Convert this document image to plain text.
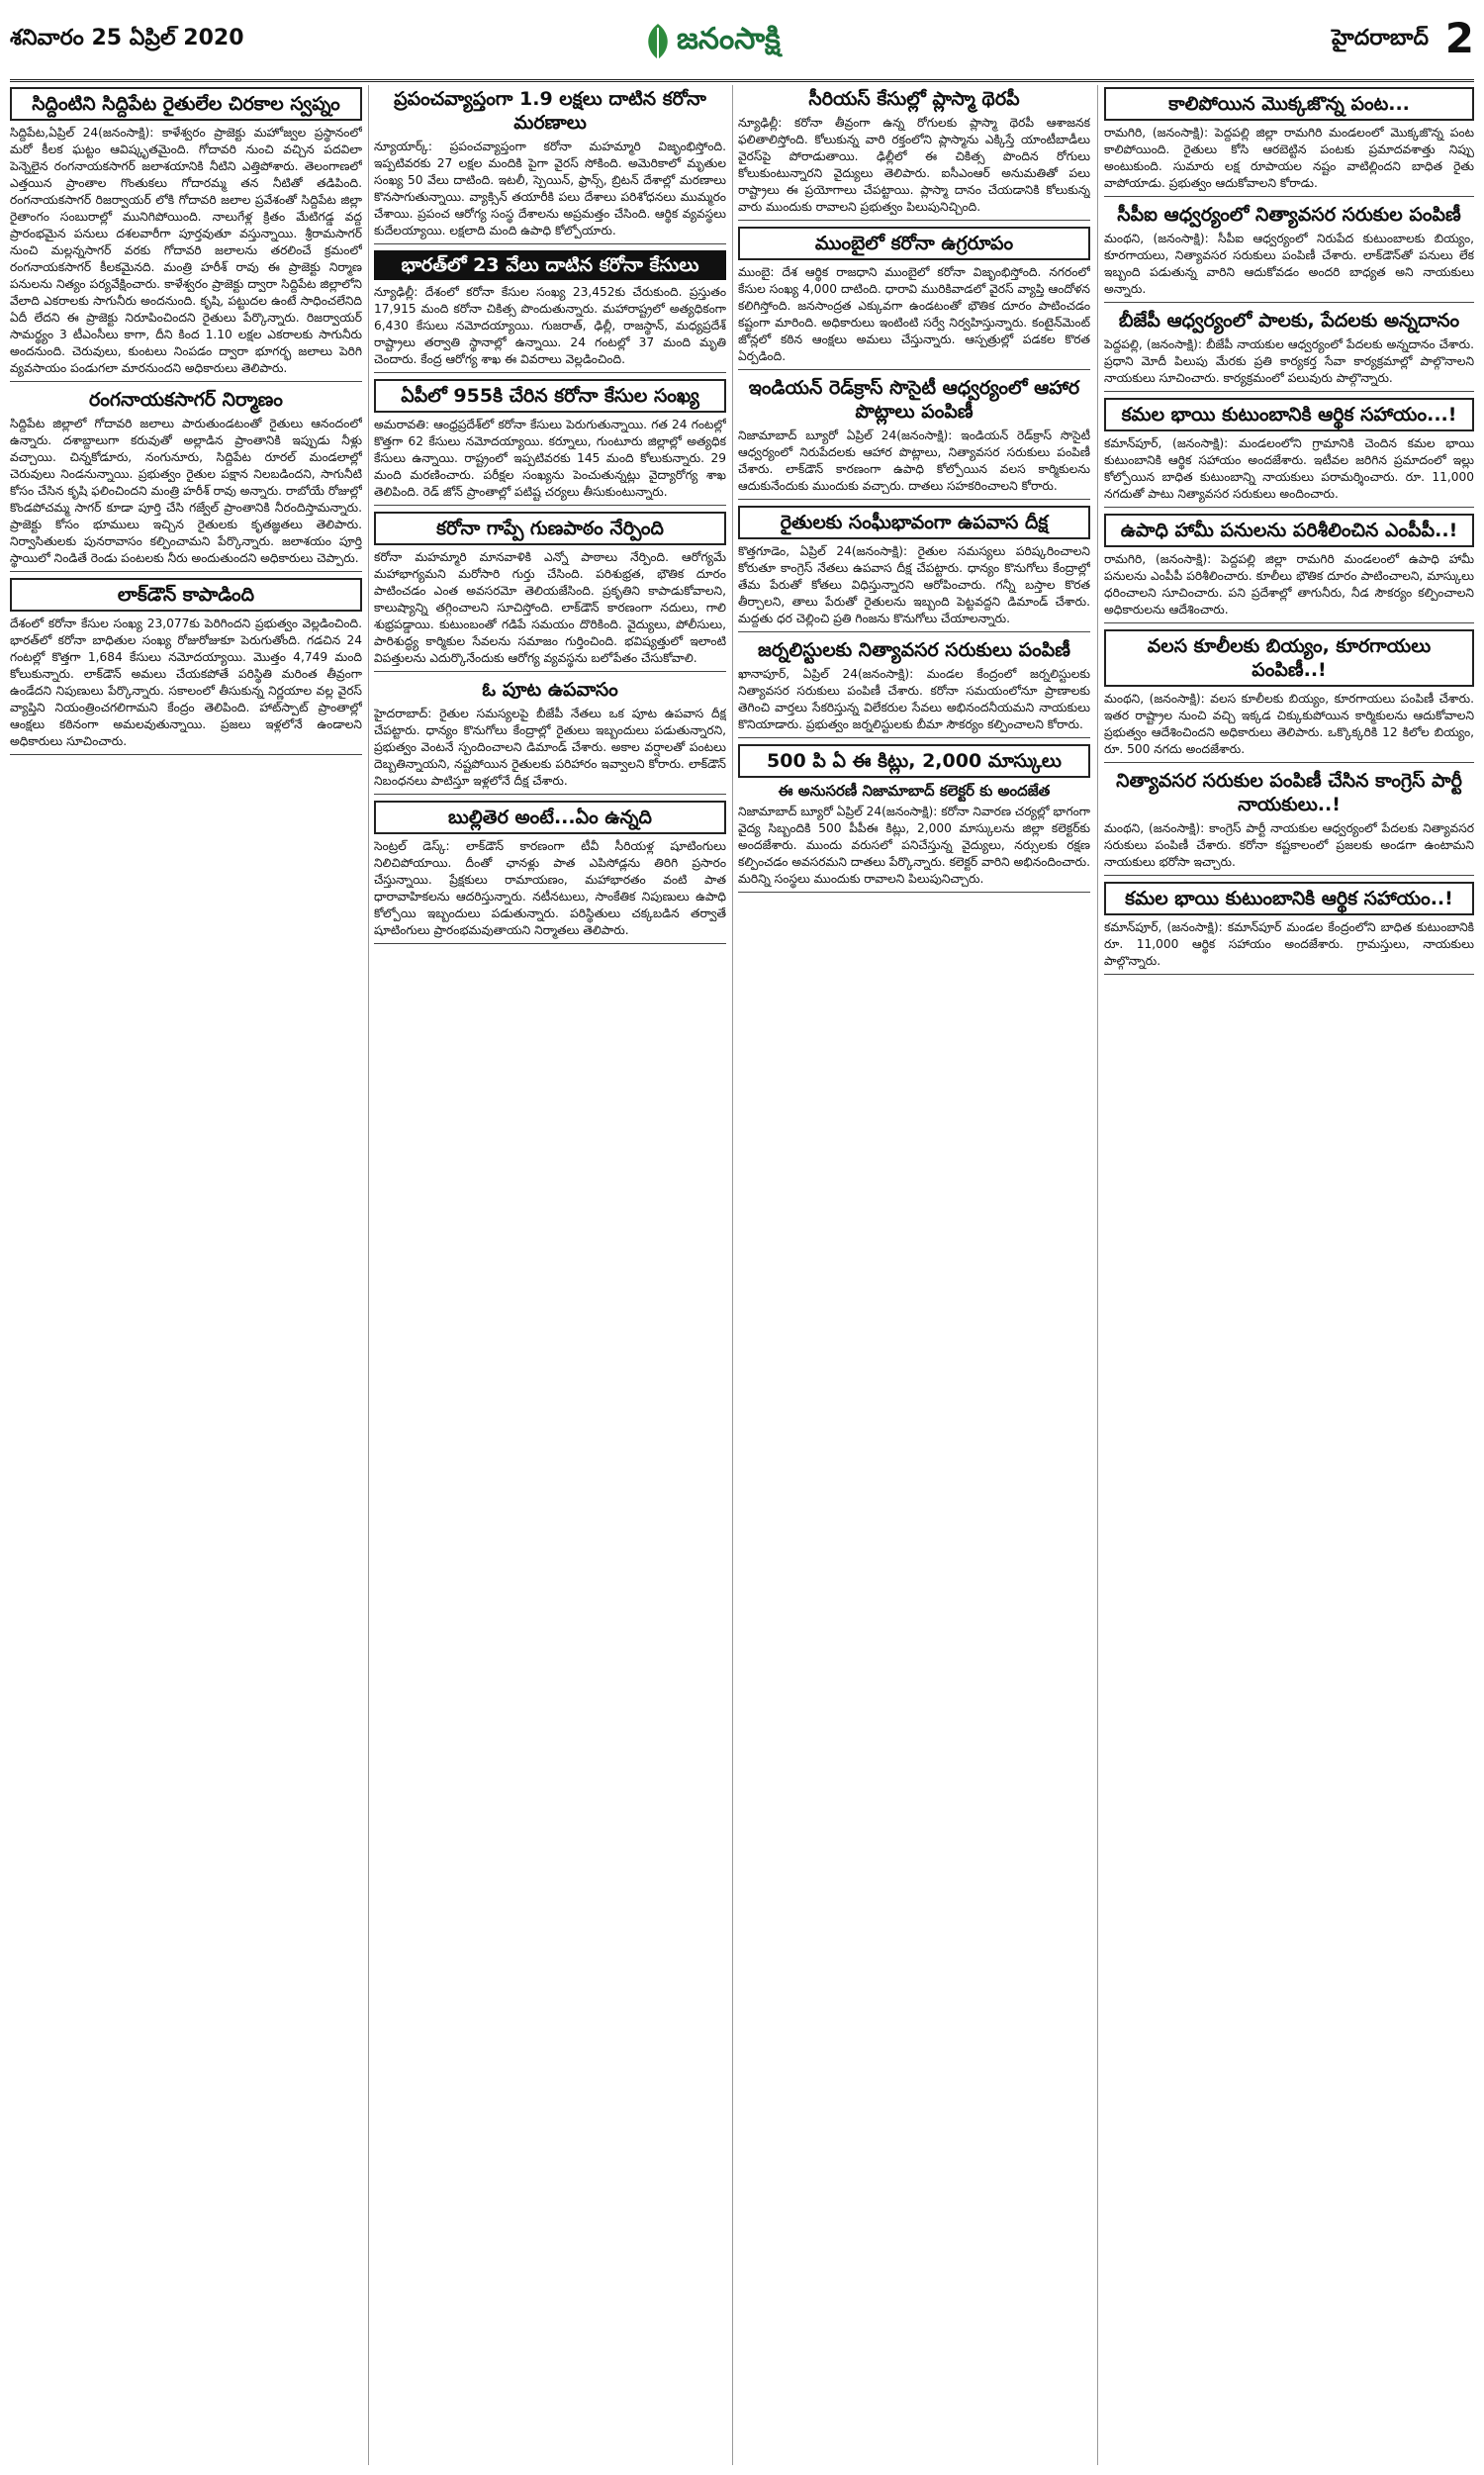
శనివారం 25 ఏప్రిల్ 2020	జనంసాక్షి	హైదరాబాద్ 2
సిద్దింటిని సిద్దిపేట రైతులేల చిరకాల స్వప్నం

సిద్దిపేట,ఏప్రిల్ 24(జనంసాక్షి): కాళేశ్వరం ప్రాజెక్టు మహోజ్వల ప్రస్థానంలో మరో కీలక ఘట్టం ఆవిష్కృతమైంది. గోదావరి నుంచి వచ్చిన పదవిలా పెన్నెలైన రంగనాయకసాగర్ జలాశయానికి నీటిని ఎత్తిపోశారు. తెలంగాణలో ఎత్తయిన ప్రాంతాల గొంతుకలు గోదారమ్మ తన నీటితో తడిపింది. రంగనాయకసాగర్ రిజర్వాయర్ లోకి గోదావరి జలాల ప్రవేశంతో సిద్దిపేట జిల్లా రైతాంగం సంబురాల్లో మునిగిపోయింది. నాలుగేళ్ల క్రితం మేటిగడ్డ వద్ద ప్రారంభమైన పనులు దశలవారీగా పూర్తవుతూ వస్తున్నాయి. శ్రీరామసాగర్ నుంచి మల్లన్నసాగర్ వరకు గోదావరి జలాలను తరలించే క్రమంలో రంగనాయకసాగర్ కీలకమైనది. మంత్రి హరీశ్ రావు ఈ ప్రాజెక్టు నిర్మాణ పనులను నిత్యం పర్యవేక్షించారు. కాళేశ్వరం ప్రాజెక్టు ద్వారా సిద్దిపేట జిల్లాలోని వేలాది ఎకరాలకు సాగునీరు అందనుంది. కృషి, పట్టుదల ఉంటే సాధించలేనిది ఏదీ లేదని ఈ ప్రాజెక్టు నిరూపించిందని రైతులు పేర్కొన్నారు. రిజర్వాయర్ సామర్థ్యం 3 టీఎంసీలు కాగా, దీని కింద 1.10 లక్షల ఎకరాలకు సాగునీరు అందనుంది. చెరువులు, కుంటలు నింపడం ద్వారా భూగర్భ జలాలు పెరిగి వ్యవసాయం పండుగలా మారనుందని అధికారులు తెలిపారు.

రంగనాయకసాగర్ నిర్మాణం

సిద్దిపేట జిల్లాలో గోదావరి జలాలు పారుతుండటంతో రైతులు ఆనందంలో ఉన్నారు. దశాబ్దాలుగా కరువుతో అల్లాడిన ప్రాంతానికి ఇప్పుడు నీళ్లు వచ్చాయి. చిన్నకోడూరు, నంగునూరు, సిద్దిపేట రూరల్ మండలాల్లో చెరువులు నిండనున్నాయి. ప్రభుత్వం రైతుల పక్షాన నిలబడిందని, సాగునీటి కోసం చేసిన కృషి ఫలించిందని మంత్రి హరీశ్ రావు అన్నారు. రాబోయే రోజుల్లో కొండపోచమ్మ సాగర్ కూడా పూర్తి చేసి గజ్వేల్ ప్రాంతానికి నీరందిస్తామన్నారు. ప్రాజెక్టు కోసం భూములు ఇచ్చిన రైతులకు కృతజ్ఞతలు తెలిపారు. నిర్వాసితులకు పునరావాసం కల్పించామని పేర్కొన్నారు. జలాశయం పూర్తి స్థాయిలో నిండితే రెండు పంటలకు నీరు అందుతుందని అధికారులు చెప్పారు.

లాక్‌డౌన్ కాపాడింది

దేశంలో కరోనా కేసుల సంఖ్య 23,077కు పెరిగిందని ప్రభుత్వం వెల్లడించింది. భారత్‌లో కరోనా బాధితుల సంఖ్య రోజురోజుకూ పెరుగుతోంది. గడచిన 24 గంటల్లో కొత్తగా 1,684 కేసులు నమోదయ్యాయి. మొత్తం 4,749 మంది కోలుకున్నారు. లాక్‌డౌన్ అమలు చేయకపోతే పరిస్థితి మరింత తీవ్రంగా ఉండేదని నిపుణులు పేర్కొన్నారు. సకాలంలో తీసుకున్న నిర్ణయాల వల్ల వైరస్ వ్యాప్తిని నియంత్రించగలిగామని కేంద్రం తెలిపింది. హాట్‌స్పాట్ ప్రాంతాల్లో ఆంక్షలు కఠినంగా అమలవుతున్నాయి. ప్రజలు ఇళ్లలోనే ఉండాలని అధికారులు సూచించారు.

ప్రపంచవ్యాప్తంగా 1.9 లక్షలు దాటిన కరోనా మరణాలు

న్యూయార్క్: ప్రపంచవ్యాప్తంగా కరోనా మహమ్మారి విజృంభిస్తోంది. ఇప్పటివరకు 27 లక్షల మందికి పైగా వైరస్ సోకింది. అమెరికాలో మృతుల సంఖ్య 50 వేలు దాటింది. ఇటలీ, స్పెయిన్, ఫ్రాన్స్, బ్రిటన్ దేశాల్లో మరణాలు కొనసాగుతున్నాయి. వ్యాక్సిన్ తయారీకి పలు దేశాలు పరిశోధనలు ముమ్మరం చేశాయి. ప్రపంచ ఆరోగ్య సంస్థ దేశాలను అప్రమత్తం చేసింది. ఆర్థిక వ్యవస్థలు కుదేలయ్యాయి. లక్షలాది మంది ఉపాధి కోల్పోయారు.

భారత్‌లో 23 వేలు దాటిన కరోనా కేసులు

న్యూఢిల్లీ: దేశంలో కరోనా కేసుల సంఖ్య 23,452కు చేరుకుంది. ప్రస్తుతం 17,915 మంది కరోనా చికిత్స పొందుతున్నారు. మహారాష్ట్రలో అత్యధికంగా 6,430 కేసులు నమోదయ్యాయి. గుజరాత్, ఢిల్లీ, రాజస్థాన్, మధ్యప్రదేశ్ రాష్ట్రాలు తర్వాతి స్థానాల్లో ఉన్నాయి. 24 గంటల్లో 37 మంది మృతి చెందారు. కేంద్ర ఆరోగ్య శాఖ ఈ వివరాలు వెల్లడించింది.

ఏపీలో 955కి చేరిన కరోనా కేసుల సంఖ్య

అమరావతి: ఆంధ్రప్రదేశ్‌లో కరోనా కేసులు పెరుగుతున్నాయి. గత 24 గంటల్లో కొత్తగా 62 కేసులు నమోదయ్యాయి. కర్నూలు, గుంటూరు జిల్లాల్లో అత్యధిక కేసులు ఉన్నాయి. రాష్ట్రంలో ఇప్పటివరకు 145 మంది కోలుకున్నారు. 29 మంది మరణించారు. పరీక్షల సంఖ్యను పెంచుతున్నట్లు వైద్యారోగ్య శాఖ తెలిపింది. రెడ్ జోన్ ప్రాంతాల్లో పటిష్ట చర్యలు తీసుకుంటున్నారు.

కరోనా గాప్పే గుణపాఠం నేర్పింది

కరోనా మహమ్మారి మానవాళికి ఎన్నో పాఠాలు నేర్పింది. ఆరోగ్యమే మహాభాగ్యమని మరోసారి గుర్తు చేసింది. పరిశుభ్రత, భౌతిక దూరం పాటించడం ఎంత అవసరమో తెలియజేసింది. ప్రకృతిని కాపాడుకోవాలని, కాలుష్యాన్ని తగ్గించాలని సూచిస్తోంది. లాక్‌డౌన్ కారణంగా నదులు, గాలి శుభ్రపడ్డాయి. కుటుంబంతో గడిపే సమయం దొరికింది. వైద్యులు, పోలీసులు, పారిశుద్ధ్య కార్మికుల సేవలను సమాజం గుర్తించింది. భవిష్యత్తులో ఇలాంటి విపత్తులను ఎదుర్కొనేందుకు ఆరోగ్య వ్యవస్థను బలోపేతం చేసుకోవాలి.

ఓ పూట ఉపవాసం

హైదరాబాద్: రైతుల సమస్యలపై బీజేపీ నేతలు ఒక పూట ఉపవాస దీక్ష చేపట్టారు. ధాన్యం కొనుగోలు కేంద్రాల్లో రైతులు ఇబ్బందులు పడుతున్నారని, ప్రభుత్వం వెంటనే స్పందించాలని డిమాండ్ చేశారు. అకాల వర్షాలతో పంటలు దెబ్బతిన్నాయని, నష్టపోయిన రైతులకు పరిహారం ఇవ్వాలని కోరారు. లాక్‌డౌన్ నిబంధనలు పాటిస్తూ ఇళ్లలోనే దీక్ష చేశారు.

బుల్లితెర అంటే...ఏం ఉన్నది

సెంట్రల్ డెస్క్: లాక్‌డౌన్ కారణంగా టీవీ సీరియళ్ల షూటింగులు నిలిచిపోయాయి. దీంతో ఛానళ్లు పాత ఎపిసోడ్లను తిరిగి ప్రసారం చేస్తున్నాయి. ప్రేక్షకులు రామాయణం, మహాభారతం వంటి పాత ధారావాహికలను ఆదరిస్తున్నారు. నటీనటులు, సాంకేతిక నిపుణులు ఉపాధి కోల్పోయి ఇబ్బందులు పడుతున్నారు. పరిస్థితులు చక్కబడిన తర్వాతే షూటింగులు ప్రారంభమవుతాయని నిర్మాతలు తెలిపారు.

సీరియస్ కేసుల్లో ప్లాస్మా థెరపీ

న్యూఢిల్లీ: కరోనా తీవ్రంగా ఉన్న రోగులకు ప్లాస్మా థెరపీ ఆశాజనక ఫలితాలిస్తోంది. కోలుకున్న వారి రక్తంలోని ప్లాస్మాను ఎక్కిస్తే యాంటీబాడీలు వైరస్‌పై పోరాడుతాయి. ఢిల్లీలో ఈ చికిత్స పొందిన రోగులు కోలుకుంటున్నారని వైద్యులు తెలిపారు. ఐసీఎంఆర్ అనుమతితో పలు రాష్ట్రాలు ఈ ప్రయోగాలు చేపట్టాయి. ప్లాస్మా దానం చేయడానికి కోలుకున్న వారు ముందుకు రావాలని ప్రభుత్వం పిలుపునిచ్చింది.

ముంబైలో కరోనా ఉగ్రరూపం

ముంబై: దేశ ఆర్థిక రాజధాని ముంబైలో కరోనా విజృంభిస్తోంది. నగరంలో కేసుల సంఖ్య 4,000 దాటింది. ధారావి మురికివాడలో వైరస్ వ్యాప్తి ఆందోళన కలిగిస్తోంది. జనసాంద్రత ఎక్కువగా ఉండటంతో భౌతిక దూరం పాటించడం కష్టంగా మారింది. అధికారులు ఇంటింటి సర్వే నిర్వహిస్తున్నారు. కంటైన్‌మెంట్ జోన్లలో కఠిన ఆంక్షలు అమలు చేస్తున్నారు. ఆస్పత్రుల్లో పడకల కొరత ఏర్పడింది.

ఇండియన్ రెడ్‌క్రాస్ సొసైటీ ఆధ్వర్యంలో ఆహార పొట్లాలు పంపిణీ

నిజామాబాద్ బ్యూరో ఏప్రిల్ 24(జనంసాక్షి): ఇండియన్ రెడ్‌క్రాస్ సొసైటీ ఆధ్వర్యంలో నిరుపేదలకు ఆహార పొట్లాలు, నిత్యావసర సరుకులు పంపిణీ చేశారు. లాక్‌డౌన్ కారణంగా ఉపాధి కోల్పోయిన వలస కార్మికులను ఆదుకునేందుకు ముందుకు వచ్చారు. దాతలు సహకరించాలని కోరారు.

రైతులకు సంఘీభావంగా ఉపవాస దీక్ష

కొత్తగూడెం, ఏప్రిల్ 24(జనంసాక్షి): రైతుల సమస్యలు పరిష్కరించాలని కోరుతూ కాంగ్రెస్ నేతలు ఉపవాస దీక్ష చేపట్టారు. ధాన్యం కొనుగోలు కేంద్రాల్లో తేమ పేరుతో కోతలు విధిస్తున్నారని ఆరోపించారు. గన్నీ బస్తాల కొరత తీర్చాలని, తాలు పేరుతో రైతులను ఇబ్బంది పెట్టవద్దని డిమాండ్ చేశారు. మద్దతు ధర చెల్లించి ప్రతి గింజను కొనుగోలు చేయాలన్నారు.

జర్నలిస్టులకు నిత్యావసర సరుకులు పంపిణీ

ఖానాపూర్, ఏప్రిల్ 24(జనంసాక్షి): మండల కేంద్రంలో జర్నలిస్టులకు నిత్యావసర సరుకులు పంపిణీ చేశారు. కరోనా సమయంలోనూ ప్రాణాలకు తెగించి వార్తలు సేకరిస్తున్న విలేకరుల సేవలు అభినందనీయమని నాయకులు కొనియాడారు. ప్రభుత్వం జర్నలిస్టులకు బీమా సౌకర్యం కల్పించాలని కోరారు.

500 పి ఏ ఈ కిట్లు, 2,000 మాస్కులు
ఈ అనుసరణీ నిజామాబాద్ కలెక్టర్ కు అందజేత

నిజామాబాద్ బ్యూరో ఏప్రిల్ 24(జనంసాక్షి): కరోనా నివారణ చర్యల్లో భాగంగా వైద్య సిబ్బందికి 500 పీపీఈ కిట్లు, 2,000 మాస్కులను జిల్లా కలెక్టర్‌కు అందజేశారు. ముందు వరుసలో పనిచేస్తున్న వైద్యులు, నర్సులకు రక్షణ కల్పించడం అవసరమని దాతలు పేర్కొన్నారు. కలెక్టర్ వారిని అభినందించారు. మరిన్ని సంస్థలు ముందుకు రావాలని పిలుపునిచ్చారు.

కాలిపోయిన మొక్కజొన్న పంట...

రామగిరి, (జనంసాక్షి): పెద్దపల్లి జిల్లా రామగిరి మండలంలో మొక్కజొన్న పంట కాలిపోయింది. రైతులు కోసి ఆరబెట్టిన పంటకు ప్రమాదవశాత్తు నిప్పు అంటుకుంది. సుమారు లక్ష రూపాయల నష్టం వాటిల్లిందని బాధిత రైతు వాపోయాడు. ప్రభుత్వం ఆదుకోవాలని కోరాడు.

సీపీఐ ఆధ్వర్యంలో నిత్యావసర సరుకుల పంపిణీ

మంథని, (జనంసాక్షి): సీపీఐ ఆధ్వర్యంలో నిరుపేద కుటుంబాలకు బియ్యం, కూరగాయలు, నిత్యావసర సరుకులు పంపిణీ చేశారు. లాక్‌డౌన్‌తో పనులు లేక ఇబ్బంది పడుతున్న వారిని ఆదుకోవడం అందరి బాధ్యత అని నాయకులు అన్నారు.

బీజేపీ ఆధ్వర్యంలో పాలకు, పేదలకు అన్నదానం

పెద్దపల్లి, (జనంసాక్షి): బీజేపీ నాయకుల ఆధ్వర్యంలో పేదలకు అన్నదానం చేశారు. ప్రధాని మోదీ పిలుపు మేరకు ప్రతి కార్యకర్త సేవా కార్యక్రమాల్లో పాల్గొనాలని నాయకులు సూచించారు. కార్యక్రమంలో పలువురు పాల్గొన్నారు.

కమల భాయి కుటుంబానికి ఆర్థిక సహాయం...!

కమాన్‌పూర్, (జనంసాక్షి): మండలంలోని గ్రామానికి చెందిన కమల భాయి కుటుంబానికి ఆర్థిక సహాయం అందజేశారు. ఇటీవల జరిగిన ప్రమాదంలో ఇల్లు కోల్పోయిన బాధిత కుటుంబాన్ని నాయకులు పరామర్శించారు. రూ. 11,000 నగదుతో పాటు నిత్యావసర సరుకులు అందించారు.

ఉపాధి హామీ పనులను పరిశీలించిన ఎంపీపీ..!

రామగిరి, (జనంసాక్షి): పెద్దపల్లి జిల్లా రామగిరి మండలంలో ఉపాధి హామీ పనులను ఎంపీపీ పరిశీలించారు. కూలీలు భౌతిక దూరం పాటించాలని, మాస్కులు ధరించాలని సూచించారు. పని ప్రదేశాల్లో తాగునీరు, నీడ సౌకర్యం కల్పించాలని అధికారులను ఆదేశించారు.

వలస కూలీలకు బియ్యం, కూరగాయలు పంపిణీ..!

మంథని, (జనంసాక్షి): వలస కూలీలకు బియ్యం, కూరగాయలు పంపిణీ చేశారు. ఇతర రాష్ట్రాల నుంచి వచ్చి ఇక్కడ చిక్కుకుపోయిన కార్మికులను ఆదుకోవాలని ప్రభుత్వం ఆదేశించిందని అధికారులు తెలిపారు. ఒక్కొక్కరికి 12 కిలోల బియ్యం, రూ. 500 నగదు అందజేశారు.

నిత్యావసర సరుకుల పంపిణీ చేసిన కాంగ్రెస్ పార్టీ నాయకులు..!

మంథని, (జనంసాక్షి): కాంగ్రెస్ పార్టీ నాయకుల ఆధ్వర్యంలో పేదలకు నిత్యావసర సరుకులు పంపిణీ చేశారు. కరోనా కష్టకాలంలో ప్రజలకు అండగా ఉంటామని నాయకులు భరోసా ఇచ్చారు.

కమల భాయి కుటుంబానికి ఆర్థిక సహాయం..!

కమాన్‌పూర్, (జనంసాక్షి): కమాన్‌పూర్ మండల కేంద్రంలోని బాధిత కుటుంబానికి రూ. 11,000 ఆర్థిక సహాయం అందజేశారు. గ్రామస్తులు, నాయకులు పాల్గొన్నారు.
